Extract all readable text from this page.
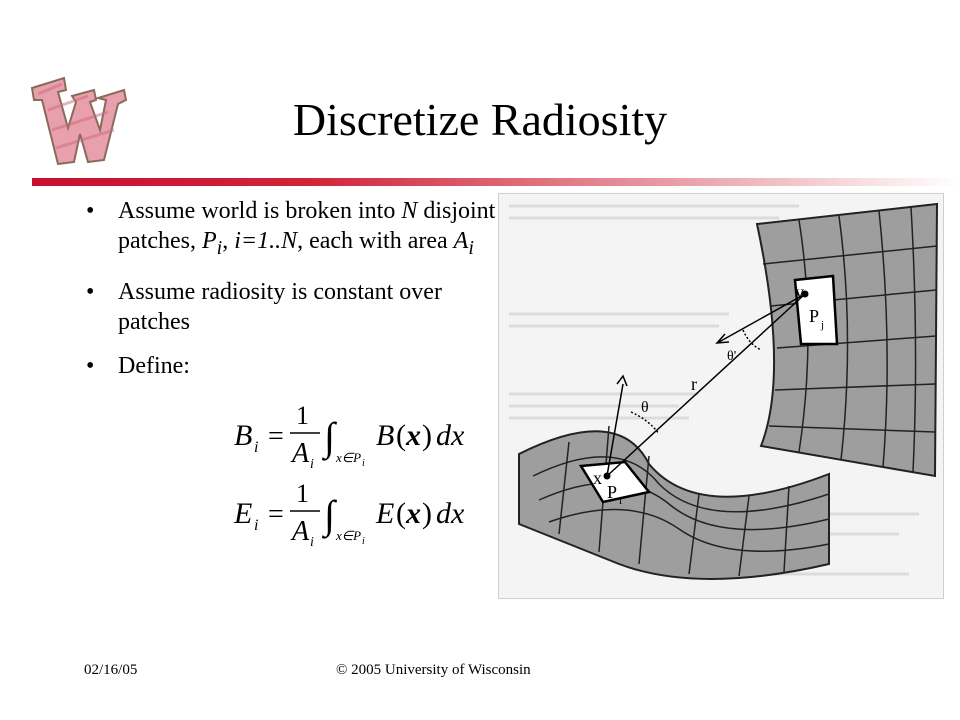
Discretize Radiosity
• Assume world is broken into N disjoint patches, $P_i$, i=1..N, each with area $A_i$
• Assume radiosity is constant over patches
• Define:
B i =
1
A i
∫ x∈P i
B ( x ) dx
E i =
1
A i
∫ x∈P i
E ( x ) dx
y
P j
x
P i
r
θ
θ'
02/16/05	© 2005 University of Wisconsin
